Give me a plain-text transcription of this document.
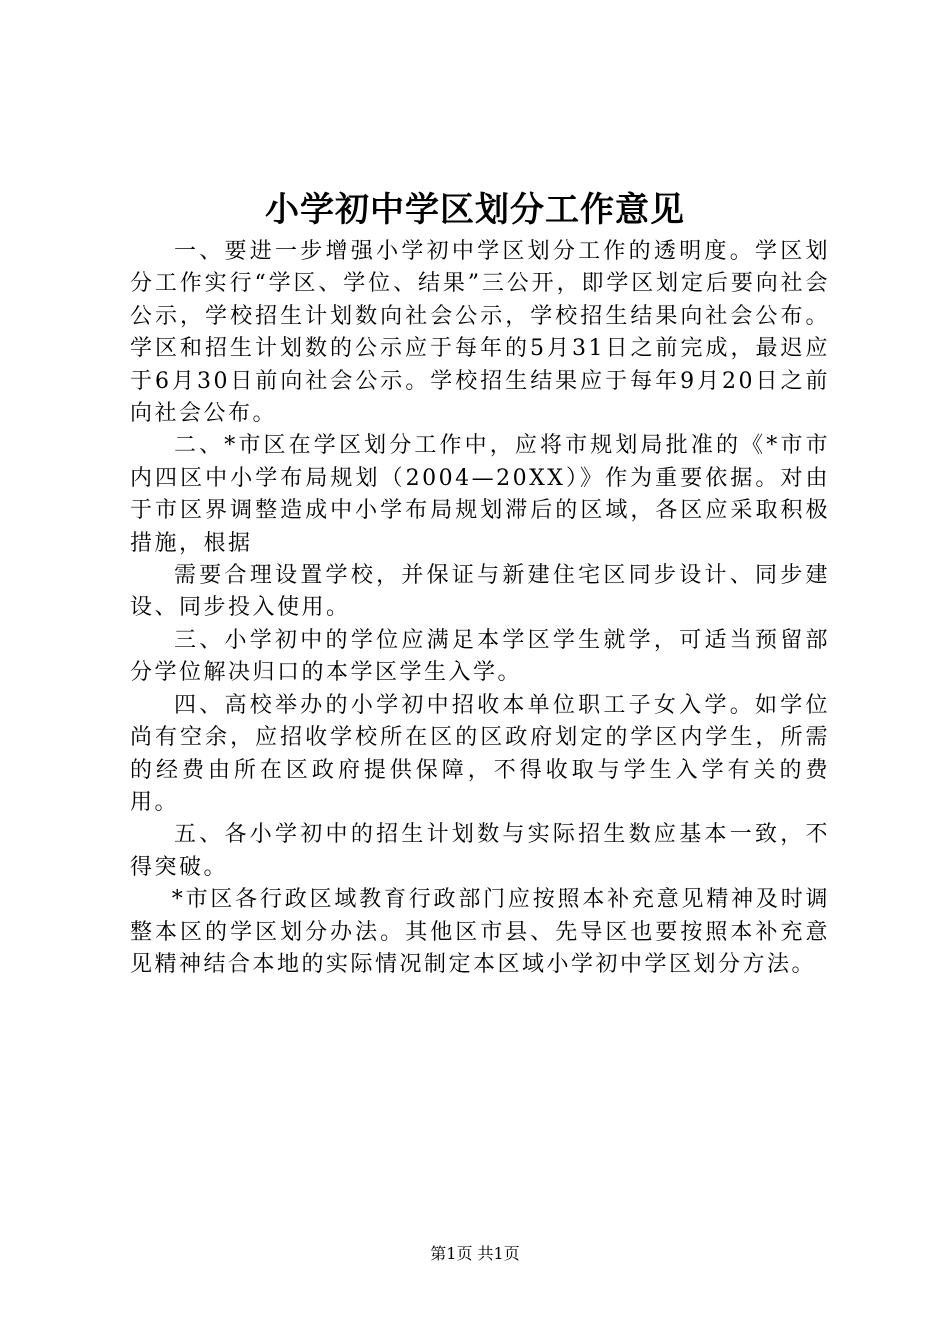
小学初中学区划分工作意见

一、要进一步增强小学初中学区划分工作的透明度。学区划分工作实行“学区、学位、结果”三公开，即学区划定后要向社会公示，学校招生计划数向社会公示，学校招生结果向社会公布。学区和招生计划数的公示应于每年的5月31日之前完成，最迟应于6月30日前向社会公示。学校招生结果应于每年9月20日之前向社会公布。

二、*市区在学区划分工作中，应将市规划局批准的《*市市内四区中小学布局规划（2004—20XX）》作为重要依据。对由于市区界调整造成中小学布局规划滞后的区域，各区应采取积极措施，根据

需要合理设置学校，并保证与新建住宅区同步设计、同步建设、同步投入使用。

三、小学初中的学位应满足本学区学生就学，可适当预留部分学位解决归口的本学区学生入学。

四、高校举办的小学初中招收本单位职工子女入学。如学位尚有空余，应招收学校所在区的区政府划定的学区内学生，所需的经费由所在区政府提供保障，不得收取与学生入学有关的费用。

五、各小学初中的招生计划数与实际招生数应基本一致，不得突破。

*市区各行政区域教育行政部门应按照本补充意见精神及时调整本区的学区划分办法。其他区市县、先导区也要按照本补充意见精神结合本地的实际情况制定本区域小学初中学区划分方法。

第1页 共1页
